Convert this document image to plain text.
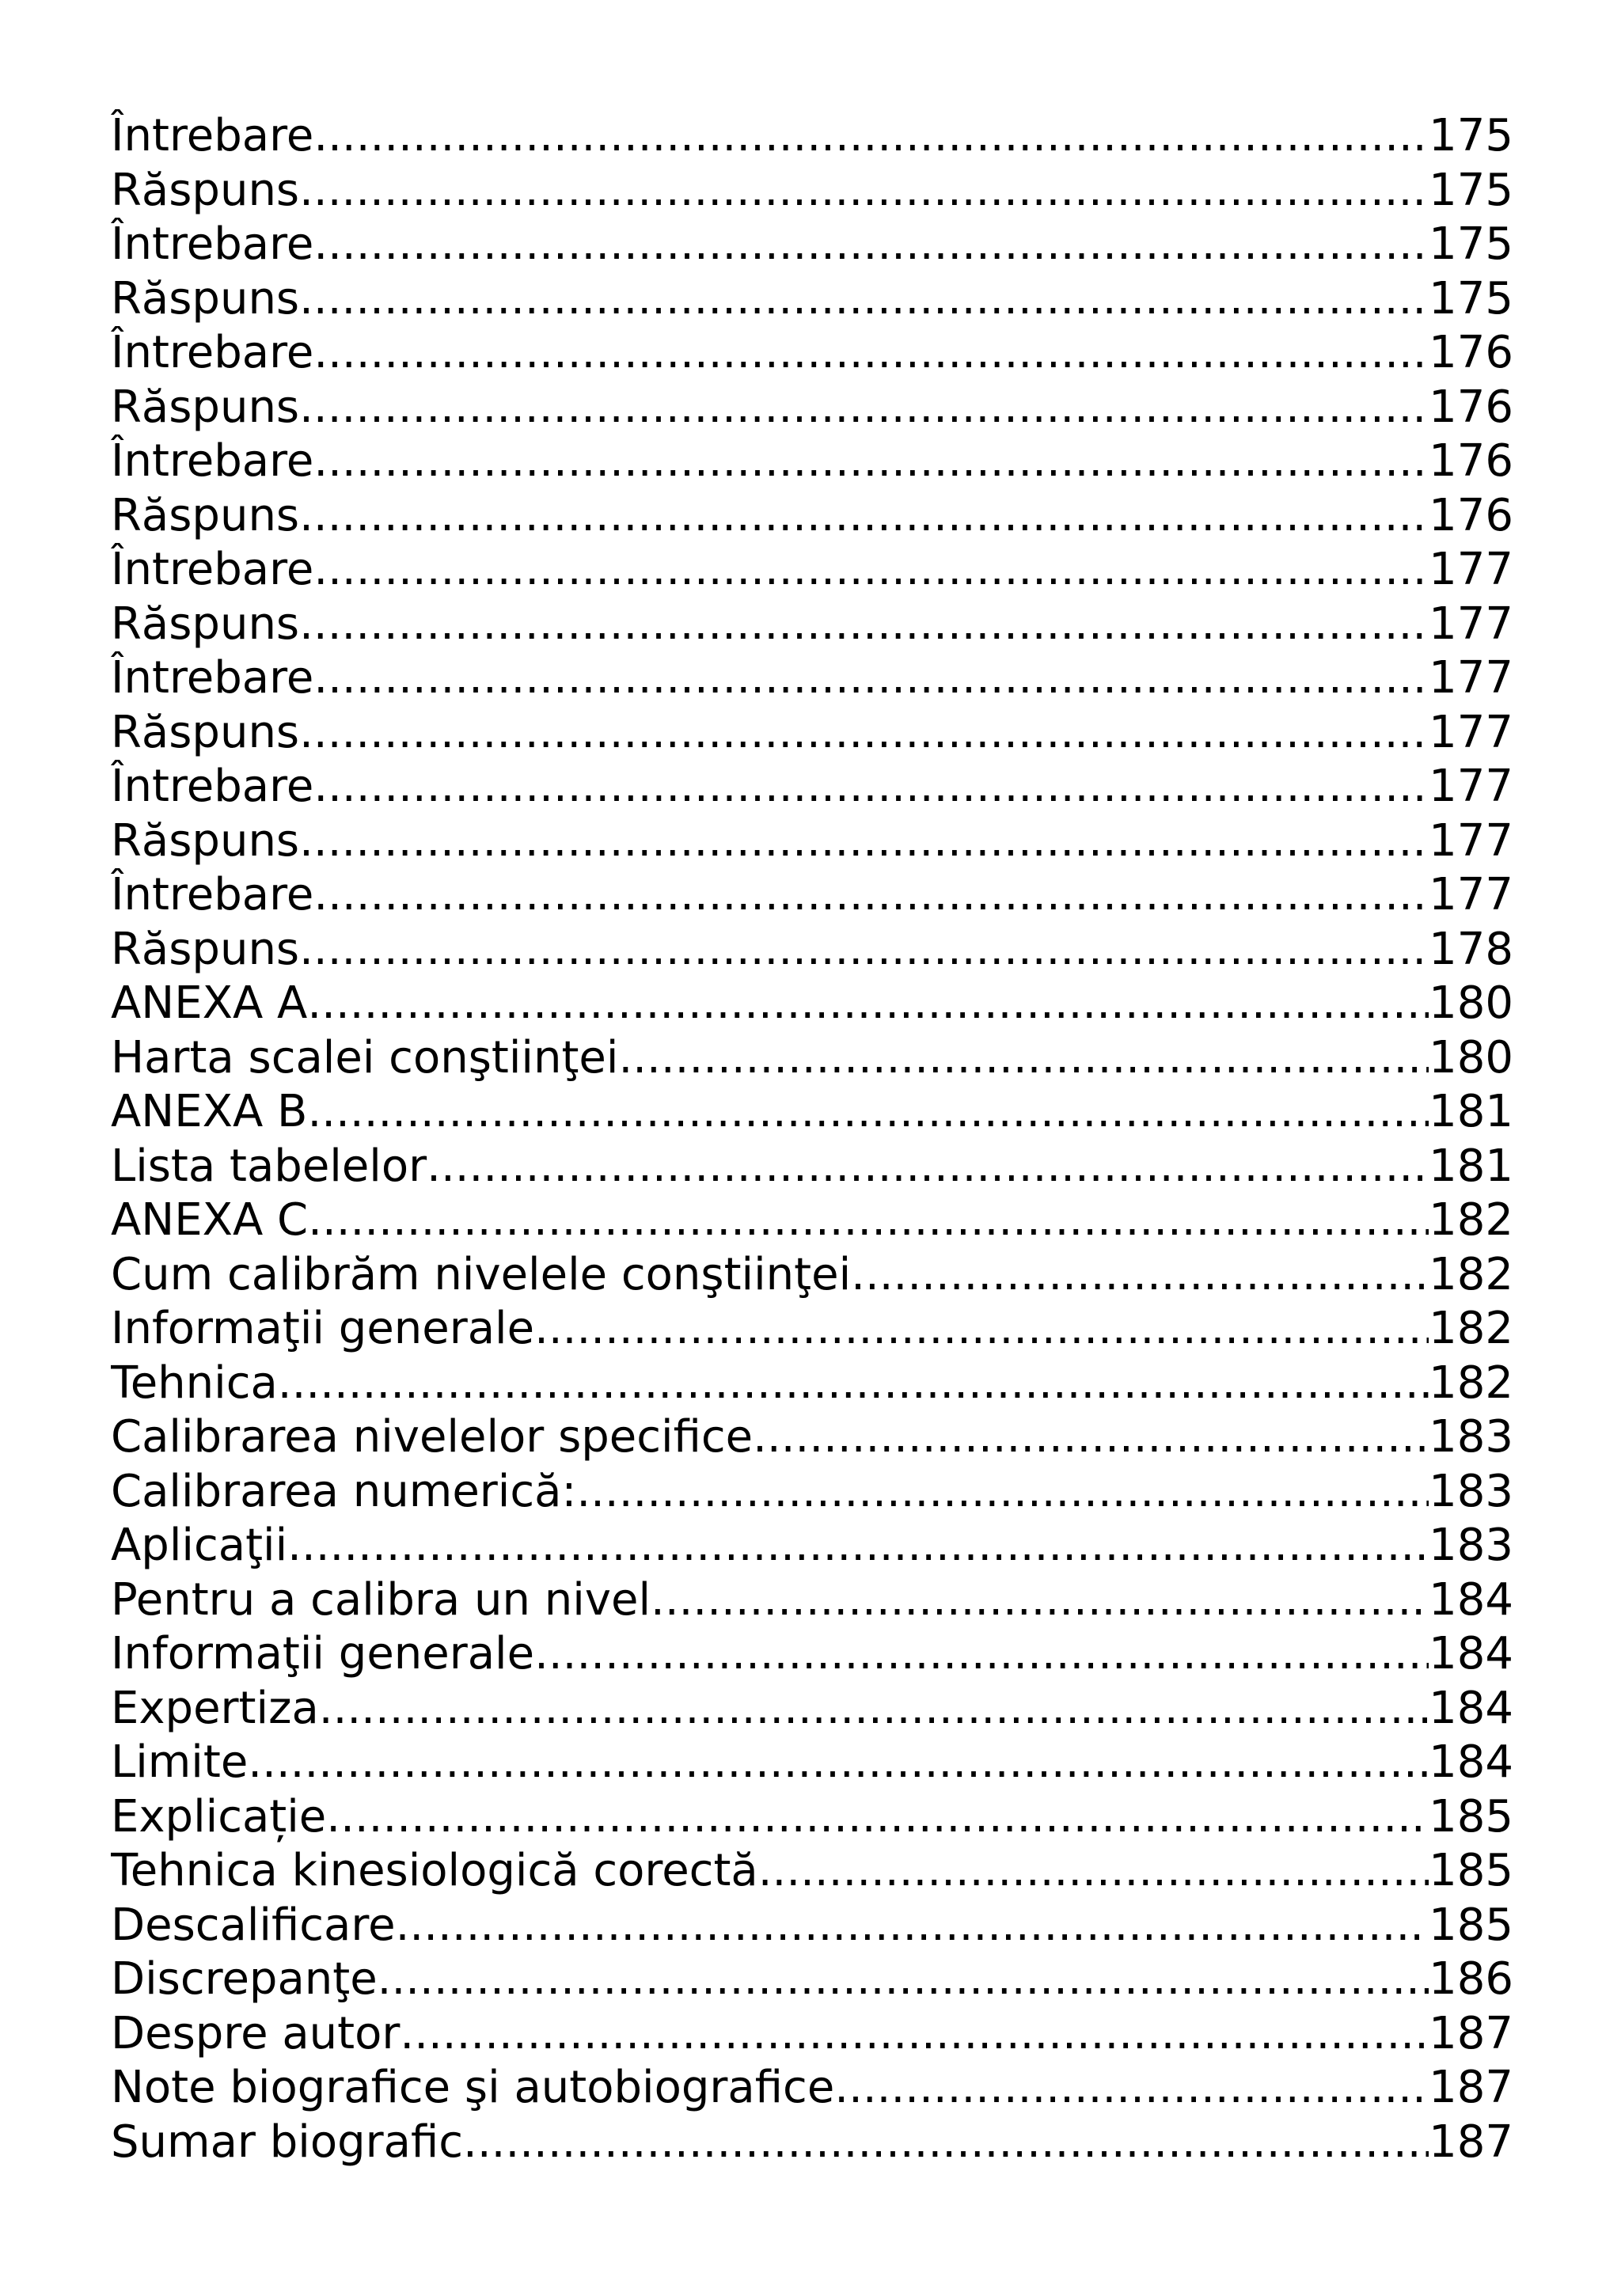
Întrebare .....	175
Răspuns .....	175
Întrebare .....	175
Răspuns .....	175
Întrebare .....	176
Răspuns .....	176
Întrebare .....	176
Răspuns .....	176
Întrebare .....	177
Răspuns .....	177
Întrebare .....	177
Răspuns .....	177
Întrebare .....	177
Răspuns .....	177
Întrebare .....	177
Răspuns .....	178
ANEXA A .....	180
Harta scalei conştiinţei .....	180
ANEXA B .....	181
Lista tabelelor .....	181
ANEXA C .....	182
Cum calibrăm nivelele conştiinţei .....	182
Informaţii generale .....	182
Tehnica .....	182
Calibrarea nivelelor specifice .....	183
Calibrarea numerică: .....	183
Aplicaţii .....	183
Pentru a calibra un nivel .....	184
Informaţii generale .....	184
Expertiza .....	184
Limite .....	184
Explicație .....	185
Tehnica kinesiologică corectă .....	185
Descalificare .....	185
Discrepanţe .....	186
Despre autor .....	187
Note biografice şi autobiografice .....	187
Sumar biografic .....	187
